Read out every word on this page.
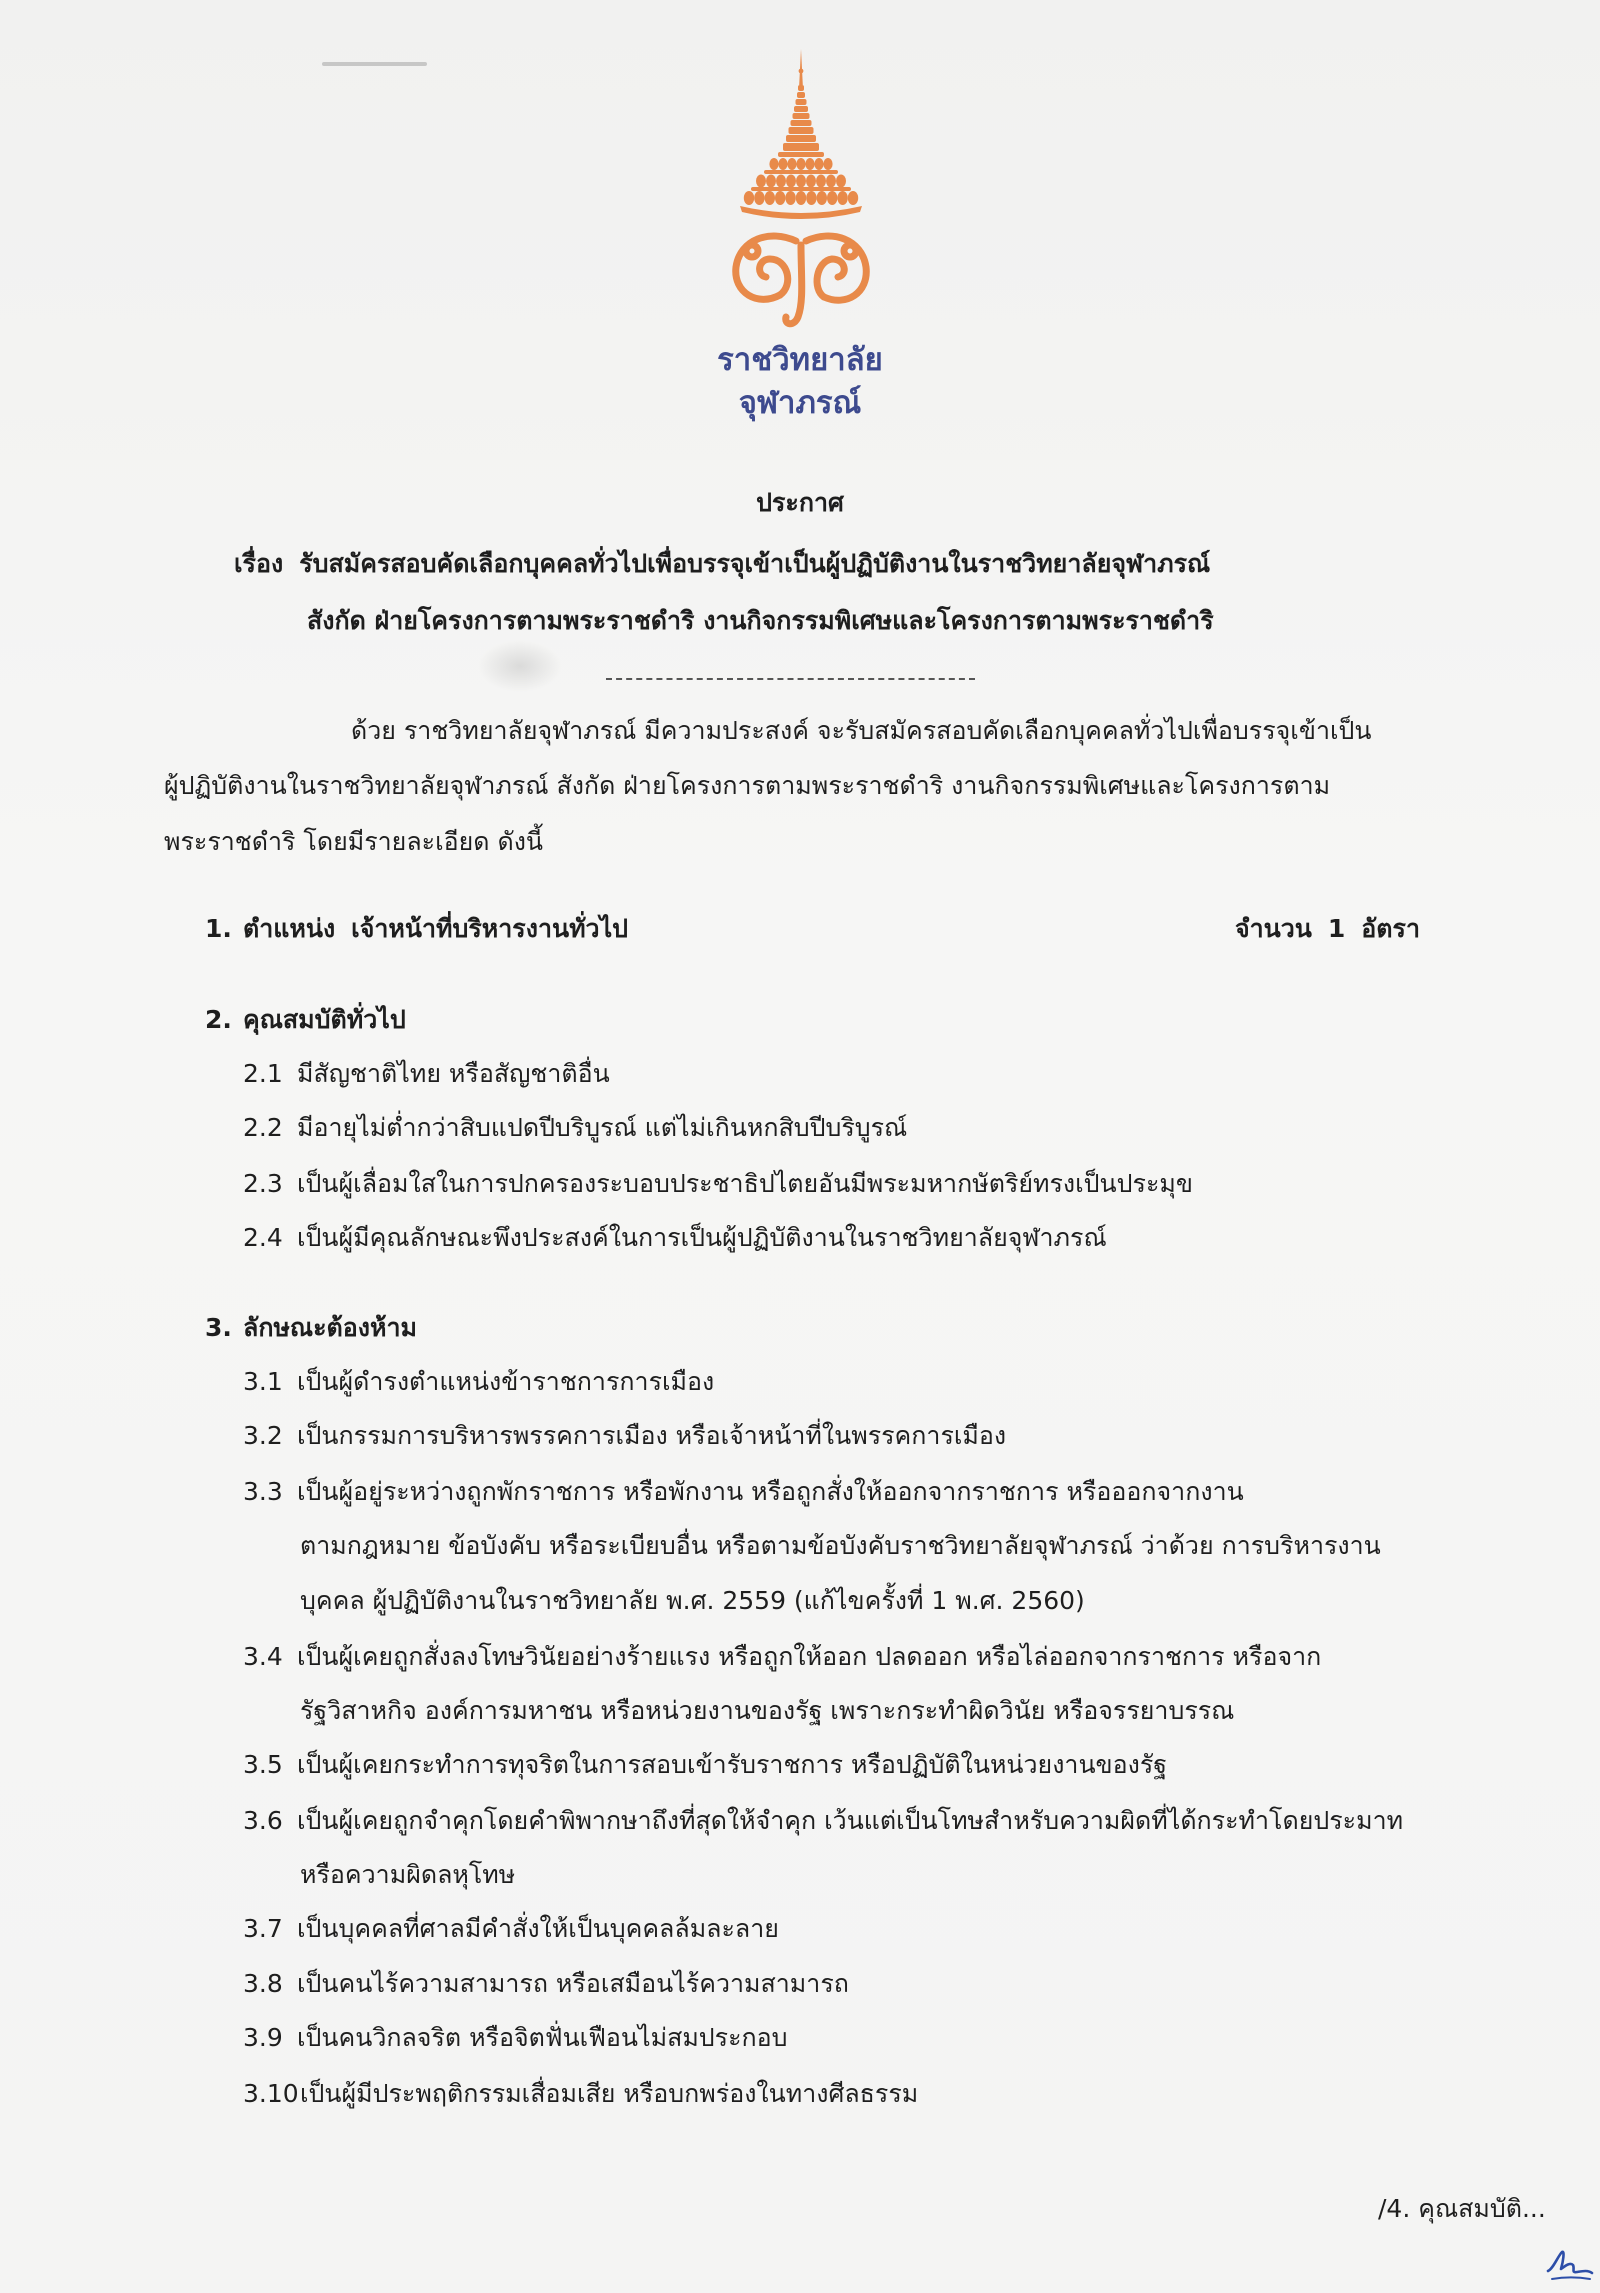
ราชวิทยาลัย
จุฬาภรณ์
ประกาศ
เรื่อง รับสมัครสอบคัดเลือกบุคคลทั่วไปเพื่อบรรจุเข้าเป็นผู้ปฏิบัติงานในราชวิทยาลัยจุฬาภรณ์
สังกัด ฝ่ายโครงการตามพระราชดำริ งานกิจกรรมพิเศษและโครงการตามพระราชดำริ
ด้วย ราชวิทยาลัยจุฬาภรณ์ มีความประสงค์ จะรับสมัครสอบคัดเลือกบุคคลทั่วไปเพื่อบรรจุเข้าเป็น
ผู้ปฏิบัติงานในราชวิทยาลัยจุฬาภรณ์ สังกัด ฝ่ายโครงการตามพระราชดำริ งานกิจกรรมพิเศษและโครงการตาม
พระราชดำริ โดยมีรายละเอียด ดังนี้
1. ตำแหน่ง เจ้าหน้าที่บริหารงานทั่วไป	จำนวน 1 อัตรา
2. คุณสมบัติทั่วไป
2.1 มีสัญชาติไทย หรือสัญชาติอื่น
2.2 มีอายุไม่ต่ำกว่าสิบแปดปีบริบูรณ์ แต่ไม่เกินหกสิบปีบริบูรณ์
2.3 เป็นผู้เลื่อมใสในการปกครองระบอบประชาธิปไตยอันมีพระมหากษัตริย์ทรงเป็นประมุข
2.4 เป็นผู้มีคุณลักษณะพึงประสงค์ในการเป็นผู้ปฏิบัติงานในราชวิทยาลัยจุฬาภรณ์
3. ลักษณะต้องห้าม
3.1 เป็นผู้ดำรงตำแหน่งข้าราชการการเมือง
3.2 เป็นกรรมการบริหารพรรคการเมือง หรือเจ้าหน้าที่ในพรรคการเมือง
3.3 เป็นผู้อยู่ระหว่างถูกพักราชการ หรือพักงาน หรือถูกสั่งให้ออกจากราชการ หรือออกจากงาน
ตามกฎหมาย ข้อบังคับ หรือระเบียบอื่น หรือตามข้อบังคับราชวิทยาลัยจุฬาภรณ์ ว่าด้วย การบริหารงาน
บุคคล ผู้ปฏิบัติงานในราชวิทยาลัย พ.ศ. 2559 (แก้ไขครั้งที่ 1 พ.ศ. 2560)
3.4 เป็นผู้เคยถูกสั่งลงโทษวินัยอย่างร้ายแรง หรือถูกให้ออก ปลดออก หรือไล่ออกจากราชการ หรือจาก
รัฐวิสาหกิจ องค์การมหาชน หรือหน่วยงานของรัฐ เพราะกระทำผิดวินัย หรือจรรยาบรรณ
3.5 เป็นผู้เคยกระทำการทุจริตในการสอบเข้ารับราชการ หรือปฏิบัติในหน่วยงานของรัฐ
3.6 เป็นผู้เคยถูกจำคุกโดยคำพิพากษาถึงที่สุดให้จำคุก เว้นแต่เป็นโทษสำหรับความผิดที่ได้กระทำโดยประมาท
หรือความผิดลหุโทษ
3.7 เป็นบุคคลที่ศาลมีคำสั่งให้เป็นบุคคลล้มละลาย
3.8 เป็นคนไร้ความสามารถ หรือเสมือนไร้ความสามารถ
3.9 เป็นคนวิกลจริต หรือจิตฟั่นเฟือนไม่สมประกอบ
3.10 เป็นผู้มีประพฤติกรรมเสื่อมเสีย หรือบกพร่องในทางศีลธรรม
/4. คุณสมบัติ...
